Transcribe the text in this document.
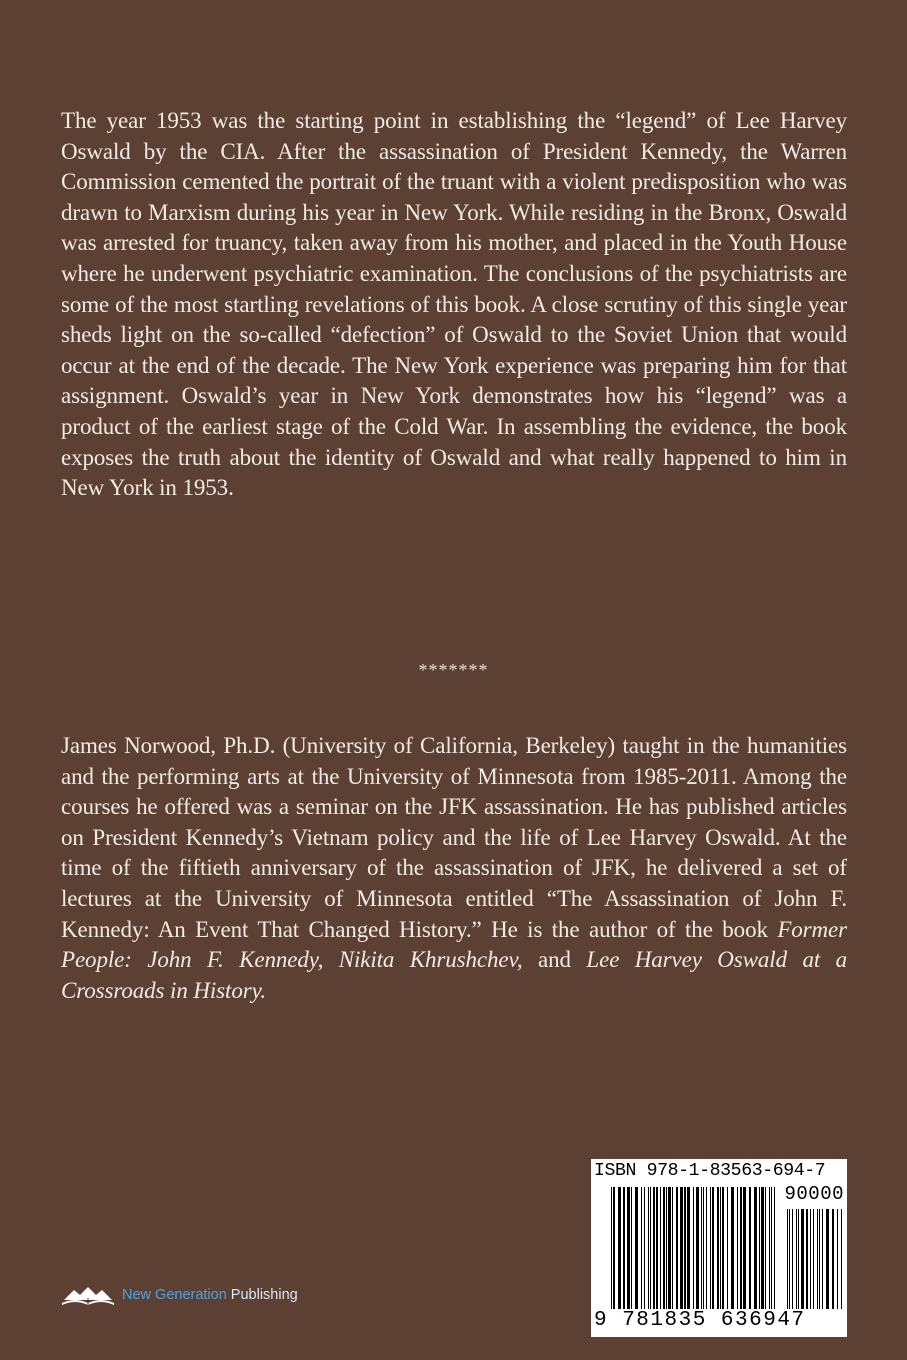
The year 1953 was the starting point in establishing the “legend” of Lee Harvey Oswald by the CIA. After the assassination of President Kennedy, the Warren Commission cemented the portrait of the truant with a violent predisposition who was drawn to Marxism during his year in New York. While residing in the Bronx, Oswald was arrested for truancy, taken away from his mother, and placed in the Youth House where he underwent psychiatric examination. The conclusions of the psychiatrists are some of the most startling revelations of this book. A close scrutiny of this single year sheds light on the so-called “defection” of Oswald to the Soviet Union that would occur at the end of the decade. The New York experience was preparing him for that assignment. Oswald’s year in New York demonstrates how his “legend” was a product of the earliest stage of the Cold War. In assembling the evidence, the book exposes the truth about the identity of Oswald and what really happened to him in New York in 1953.

*******

James Norwood, Ph.D. (University of California, Berkeley) taught in the humanities and the performing arts at the University of Minnesota from 1985-2011. Among the courses he offered was a seminar on the JFK assassination. He has published articles on President Kennedy’s Vietnam policy and the life of Lee Harvey Oswald. At the time of the fiftieth anniversary of the assassination of JFK, he delivered a set of lectures at the University of Minnesota entitled “The Assassination of John F. Kennedy: An Event That Changed History.” He is the author of the book Former People: John F. Kennedy, Nikita Khrushchev, and Lee Harvey Oswald at a Crossroads in History.

New Generation Publishing
ISBN 978-1-83563-694-7
90000
9 781835 636947
